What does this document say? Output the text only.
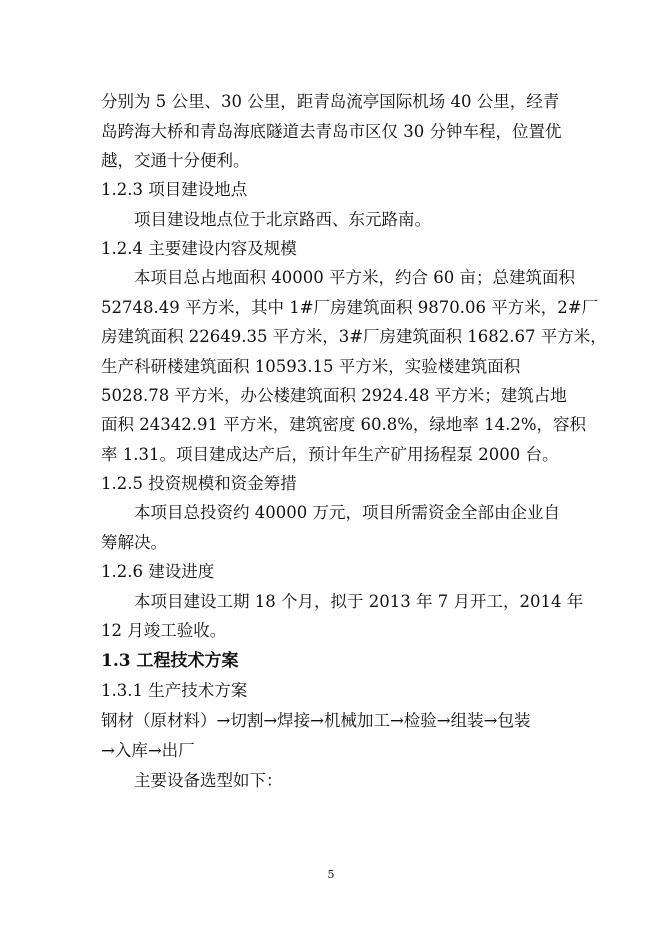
分别为 5 公里、30 公里，距青岛流亭国际机场 40 公里，经青
岛跨海大桥和青岛海底隧道去青岛市区仅 30 分钟车程，位置优
越，交通十分便利。
1.2.3 项目建设地点
项目建设地点位于北京路西、东元路南。
1.2.4 主要建设内容及规模
本项目总占地面积 40000 平方米，约合 60 亩；总建筑面积
52748.49 平方米，其中 1#厂房建筑面积 9870.06 平方米，2#厂
房建筑面积 22649.35 平方米，3#厂房建筑面积 1682.67 平方米，
生产科研楼建筑面积 10593.15 平方米，实验楼建筑面积
5028.78 平方米，办公楼建筑面积 2924.48 平方米；建筑占地
面积 24342.91 平方米，建筑密度 60.8%，绿地率 14.2%，容积
率 1.31。项目建成达产后，预计年生产矿用扬程泵 2000 台。
1.2.5 投资规模和资金筹措
本项目总投资约 40000 万元，项目所需资金全部由企业自
筹解决。
1.2.6 建设进度
本项目建设工期 18 个月，拟于 2013 年 7 月开工，2014 年
12 月竣工验收。
1.3 工程技术方案
1.3.1 生产技术方案
钢材（原材料）→切割→焊接→机械加工→检验→组装→包装
→入库→出厂
主要设备选型如下：
5
